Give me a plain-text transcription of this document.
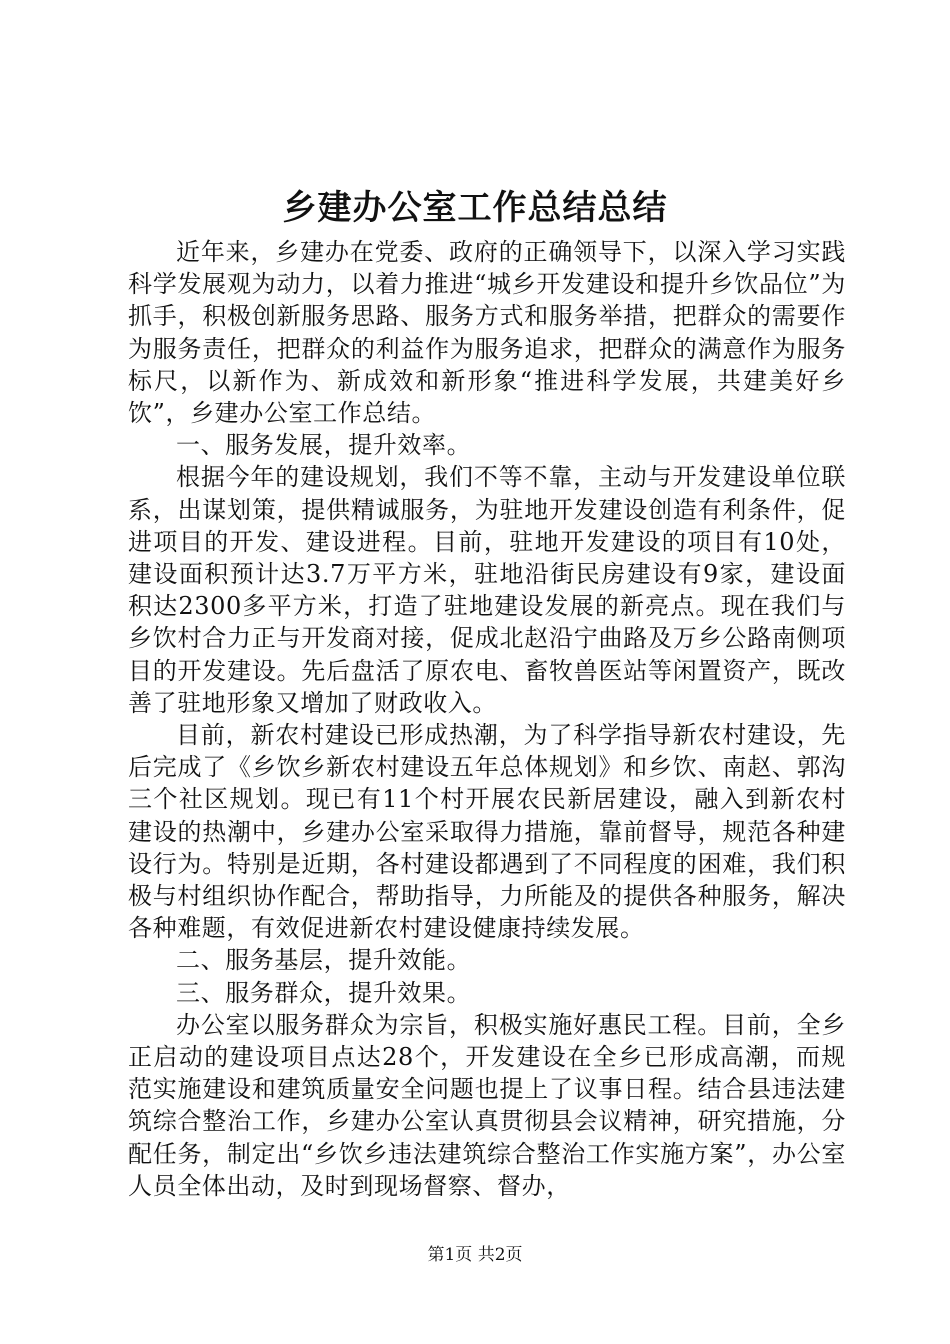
乡建办公室工作总结总结

近年来，乡建办在党委、政府的正确领导下，以深入学习实践科学发展观为动力，以着力推进“城乡开发建设和提升乡饮品位”为抓手，积极创新服务思路、服务方式和服务举措，把群众的需要作为服务责任，把群众的利益作为服务追求，把群众的满意作为服务标尺，以新作为、新成效和新形象“推进科学发展，共建美好乡饮”，乡建办公室工作总结。

一、服务发展，提升效率。

根据今年的建设规划，我们不等不靠，主动与开发建设单位联系，出谋划策，提供精诚服务，为驻地开发建设创造有利条件，促进项目的开发、建设进程。目前，驻地开发建设的项目有10处，建设面积预计达3.7万平方米，驻地沿街民房建设有9家，建设面积达2300多平方米，打造了驻地建设发展的新亮点。现在我们与乡饮村合力正与开发商对接，促成北赵沿宁曲路及万乡公路南侧项目的开发建设。先后盘活了原农电、畜牧兽医站等闲置资产，既改善了驻地形象又增加了财政收入。

目前，新农村建设已形成热潮，为了科学指导新农村建设，先后完成了《乡饮乡新农村建设五年总体规划》和乡饮、南赵、郭沟三个社区规划。现已有11个村开展农民新居建设，融入到新农村建设的热潮中，乡建办公室采取得力措施，靠前督导，规范各种建设行为。特别是近期，各村建设都遇到了不同程度的困难，我们积极与村组织协作配合，帮助指导，力所能及的提供各种服务，解决各种难题，有效促进新农村建设健康持续发展。

二、服务基层，提升效能。

三、服务群众，提升效果。

办公室以服务群众为宗旨，积极实施好惠民工程。目前，全乡正启动的建设项目点达28个，开发建设在全乡已形成高潮，而规范实施建设和建筑质量安全问题也提上了议事日程。结合县违法建筑综合整治工作，乡建办公室认真贯彻县会议精神，研究措施，分配任务，制定出“乡饮乡违法建筑综合整治工作实施方案”，办公室人员全体出动，及时到现场督察、督办，

第1页 共2页
